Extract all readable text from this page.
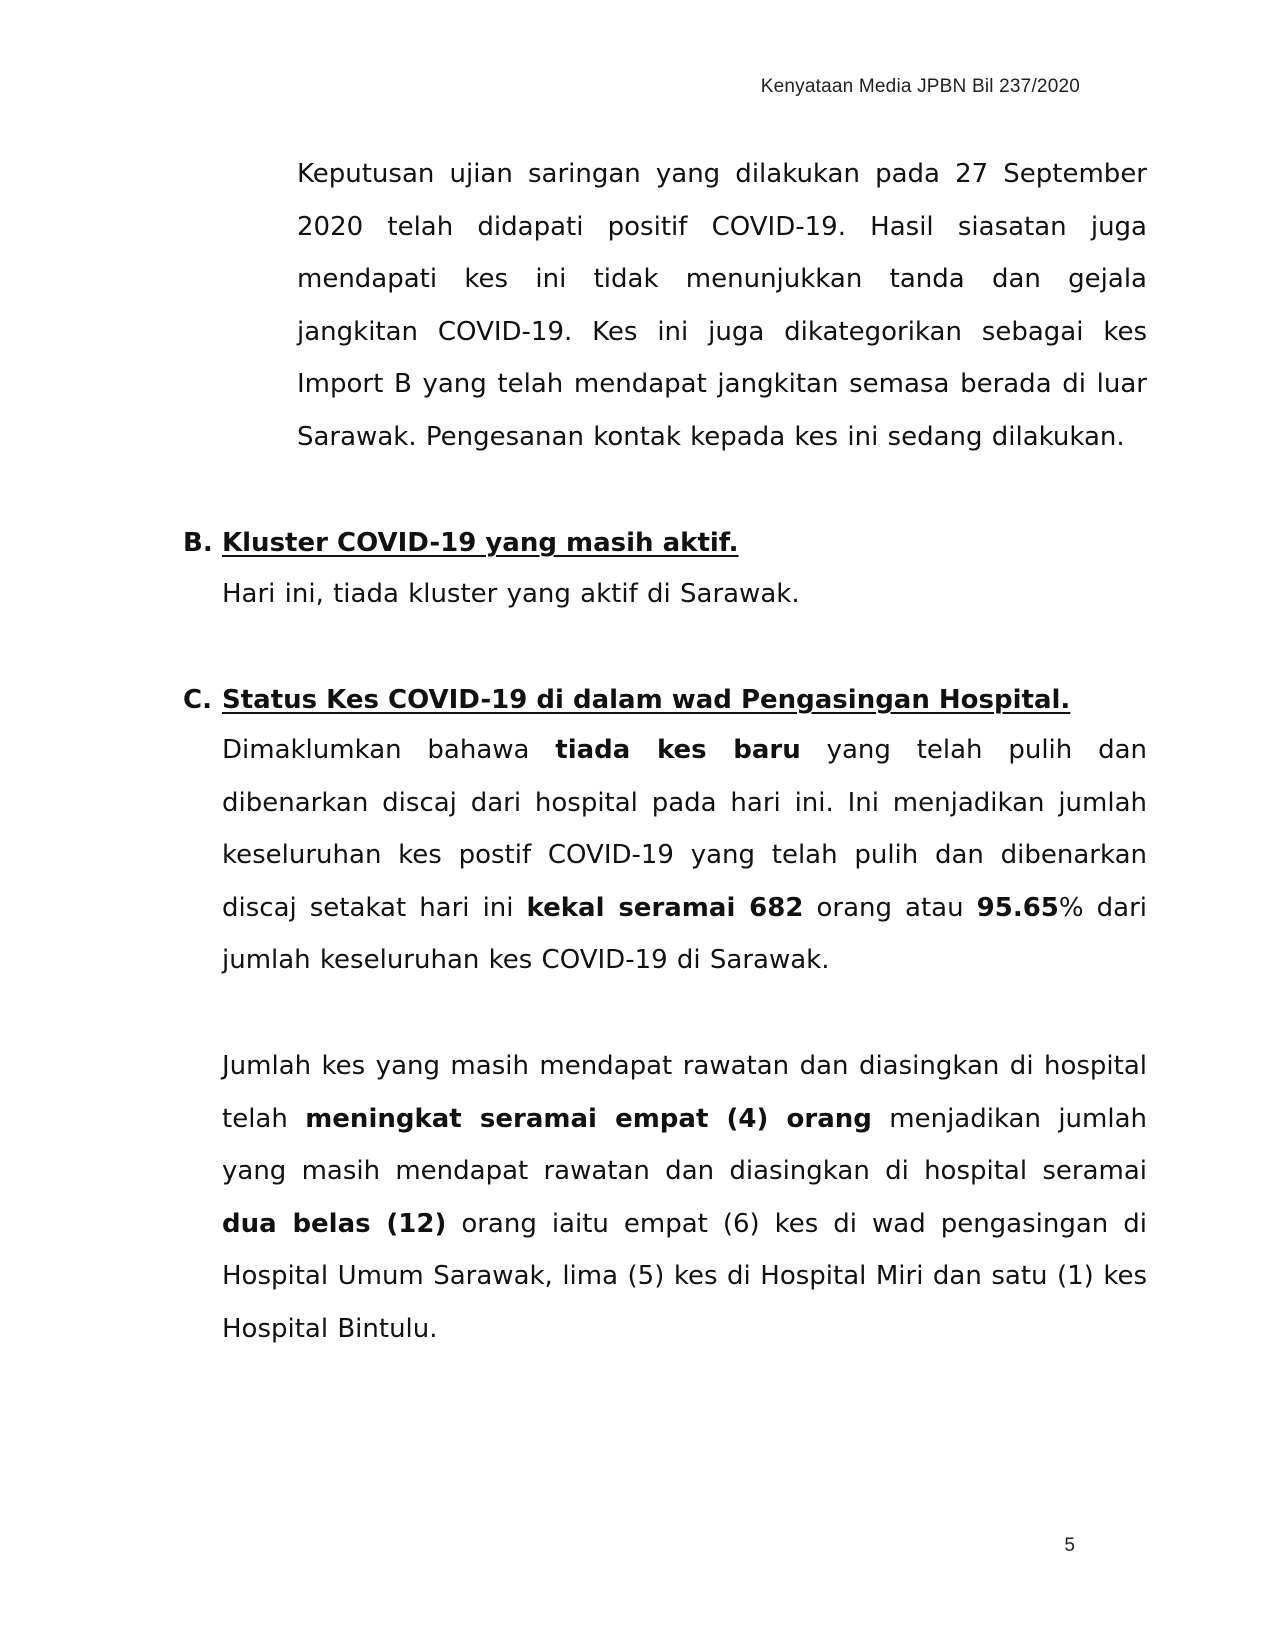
Kenyataan Media JPBN Bil 237/2020

Keputusan ujian saringan yang dilakukan pada 27 September 2020 telah didapati positif COVID-19. Hasil siasatan juga mendapati kes ini tidak menunjukkan tanda dan gejala jangkitan COVID-19. Kes ini juga dikategorikan sebagai kes Import B yang telah mendapat jangkitan semasa berada di luar Sarawak. Pengesanan kontak kepada kes ini sedang dilakukan.

B. Kluster COVID-19 yang masih aktif.

Hari ini, tiada kluster yang aktif di Sarawak.

C. Status Kes COVID-19 di dalam wad Pengasingan Hospital.

Dimaklumkan bahawa tiada kes baru yang telah pulih dan dibenarkan discaj dari hospital pada hari ini. Ini menjadikan jumlah keseluruhan kes postif COVID-19 yang telah pulih dan dibenarkan discaj setakat hari ini kekal seramai 682 orang atau 95.65% dari jumlah keseluruhan kes COVID-19 di Sarawak.

Jumlah kes yang masih mendapat rawatan dan diasingkan di hospital telah meningkat seramai empat (4) orang menjadikan jumlah yang masih mendapat rawatan dan diasingkan di hospital seramai dua belas (12) orang iaitu empat (6) kes di wad pengasingan di Hospital Umum Sarawak, lima (5) kes di Hospital Miri dan satu (1) kes Hospital Bintulu.

5
